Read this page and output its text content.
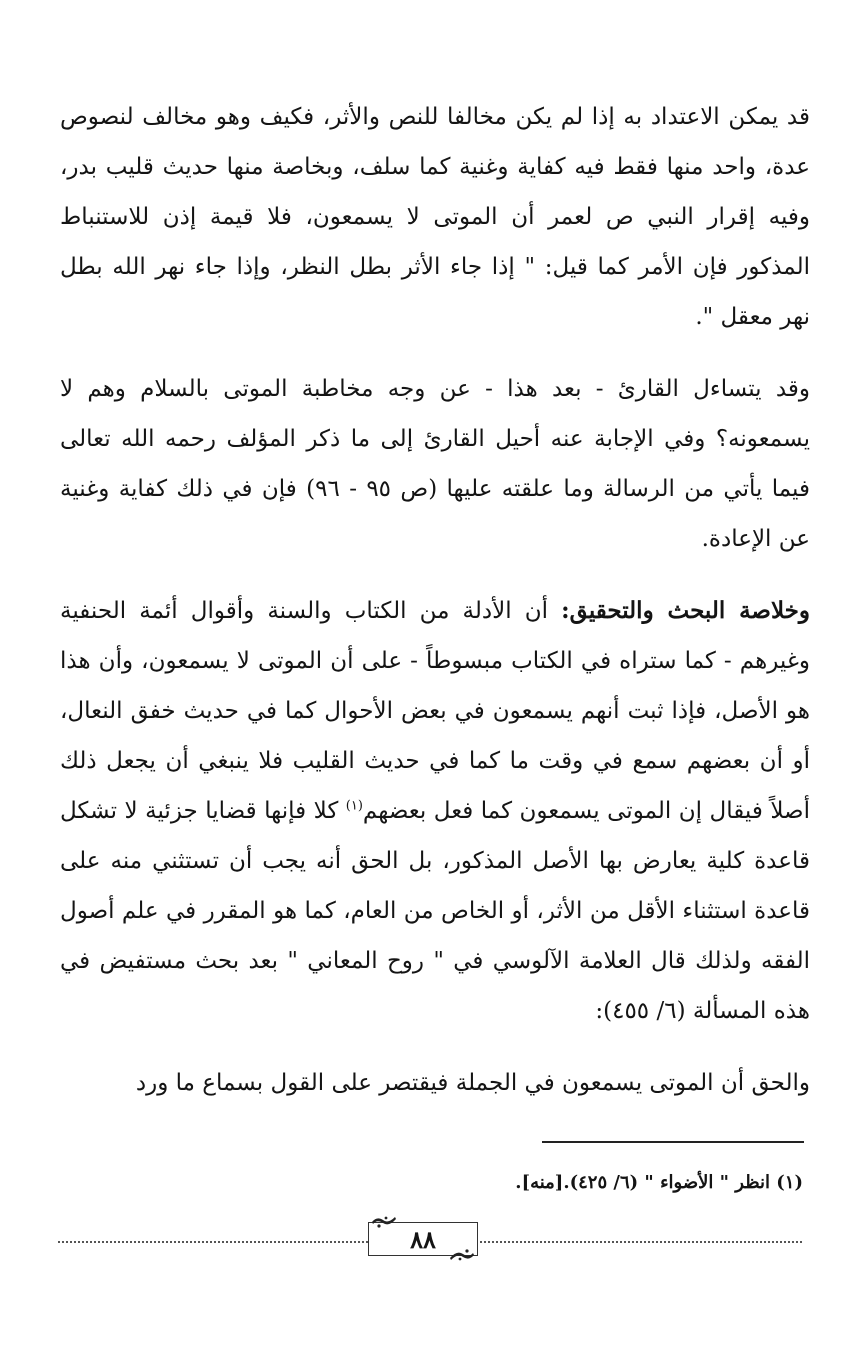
قد يمكن الاعتداد به إذا لم يكن مخالفا للنص والأثر، فكيف وهو مخالف لنصوص عدة، واحد منها فقط فيه كفاية وغنية كما سلف، وبخاصة منها حديث قليب بدر، وفيه إقرار النبي ص لعمر أن الموتى لا يسمعون، فلا قيمة إذن للاستنباط المذكور فإن الأمر كما قيل: " إذا جاء الأثر بطل النظر، وإذا جاء نهر الله بطل نهر معقل ".

وقد يتساءل القارئ - بعد هذا - عن وجه مخاطبة الموتى بالسلام وهم لا يسمعونه؟ وفي الإجابة عنه أحيل القارئ إلى ما ذكر المؤلف رحمه الله تعالى فيما يأتي من الرسالة وما علقته عليها (ص ٩٥ - ٩٦) فإن في ذلك كفاية وغنية عن الإعادة.

وخلاصة البحث والتحقيق: أن الأدلة من الكتاب والسنة وأقوال أئمة الحنفية وغيرهم - كما ستراه في الكتاب مبسوطاً - على أن الموتى لا يسمعون، وأن هذا هو الأصل، فإذا ثبت أنهم يسمعون في بعض الأحوال كما في حديث خفق النعال، أو أن بعضهم سمع في وقت ما كما في حديث القليب فلا ينبغي أن يجعل ذلك أصلاً فيقال إن الموتى يسمعون كما فعل بعضهم$^{(١)}$ كلا فإنها قضايا جزئية لا تشكل قاعدة كلية يعارض بها الأصل المذكور، بل الحق أنه يجب أن تستثني منه على قاعدة استثناء الأقل من الأثر، أو الخاص من العام، كما هو المقرر في علم أصول الفقه ولذلك قال العلامة الآلوسي في " روح المعاني " بعد بحث مستفيض في هذه المسألة (٦/ ٤٥٥):

والحق أن الموتى يسمعون في الجملة فيقتصر على القول بسماع ما ورد

(١) انظر " الأضواء " (٦/ ٤٢٥).[منه].
٨٨
